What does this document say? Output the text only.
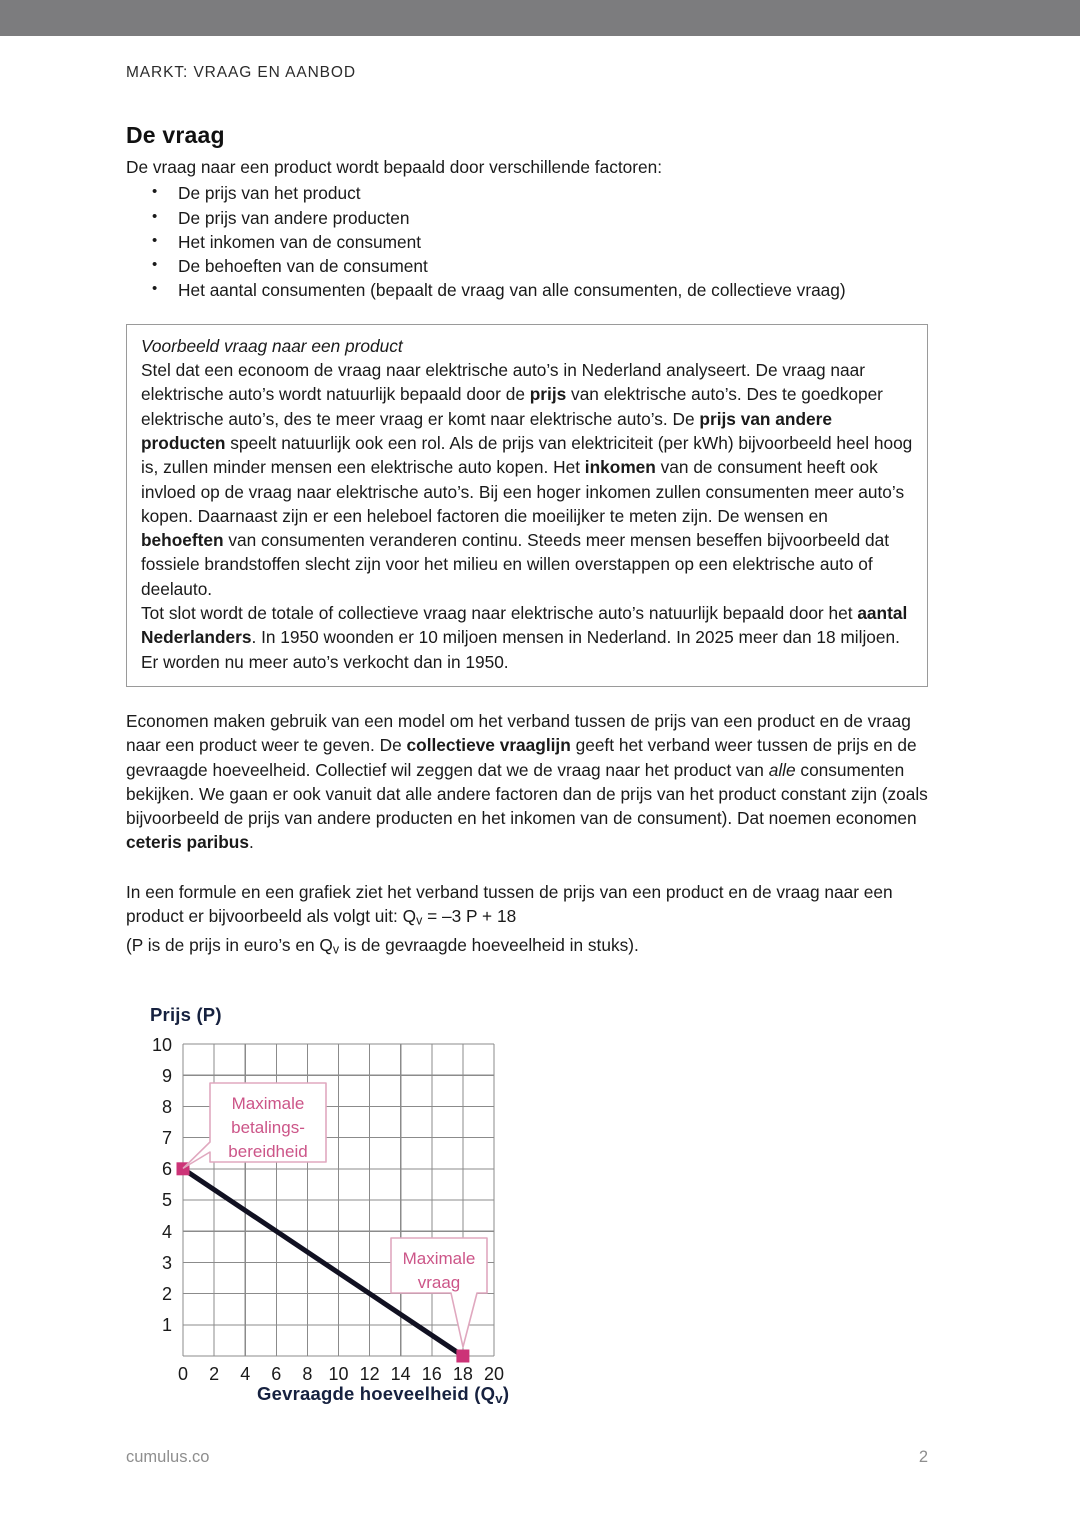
MARKT: VRAAG EN AANBOD
De vraag

De vraag naar een product wordt bepaald door verschillende factoren:

• De prijs van het product
• De prijs van andere producten
• Het inkomen van de consument
• De behoeften van de consument
• Het aantal consumenten (bepaalt de vraag van alle consumenten, de collectieve vraag)

Voorbeeld vraag naar een product

Stel dat een econoom de vraag naar elektrische auto’s in Nederland analyseert. De vraag naar elektrische auto’s wordt natuurlijk bepaald door de prijs van elektrische auto’s. Des te goedkoper elektrische auto’s, des te meer vraag er komt naar elektrische auto’s. De prijs van andere producten speelt natuurlijk ook een rol. Als de prijs van elektriciteit (per kWh) bijvoorbeeld heel hoog is, zullen minder mensen een elektrische auto kopen. Het inkomen van de consument heeft ook invloed op de vraag naar elektrische auto’s. Bij een hoger inkomen zullen consumenten meer auto’s kopen. Daarnaast zijn er een heleboel factoren die moeilijker te meten zijn. De wensen en behoeften van consumenten veranderen continu. Steeds meer mensen beseffen bijvoorbeeld dat fossiele brandstoffen slecht zijn voor het milieu en willen overstappen op een elektrische auto of deelauto.

Tot slot wordt de totale of collectieve vraag naar elektrische auto’s natuurlijk bepaald door het aantal Nederlanders. In 1950 woonden er 10 miljoen mensen in Nederland. In 2025 meer dan 18 miljoen. Er worden nu meer auto’s verkocht dan in 1950.

Economen maken gebruik van een model om het verband tussen de prijs van een product en de vraag naar een product weer te geven. De collectieve vraaglijn geeft het verband weer tussen de prijs en de gevraagde hoeveelheid. Collectief wil zeggen dat we de vraag naar het product van alle consumenten bekijken. We gaan er ook vanuit dat alle andere factoren dan de prijs van het product constant zijn (zoals bijvoorbeeld de prijs van andere producten en het inkomen van de consument). Dat noemen economen ceteris paribus.

In een formule en een grafiek ziet het verband tussen de prijs van een product en de vraag naar een product er bijvoorbeeld als volgt uit: $Q_v = -3$ P + 18
(P is de prijs in euro’s en $Q_v$ is de gevraagde hoeveelheid in stuks).

Prijs (P)
Gevraagde hoeveelheid $(Q_v)$
10
9
8
7
6
5
4
3
2
1
0 2 4 6 8 10 12 14 16 18 20
Maximale
betalings-
bereidheid
Maximale
vraag
cumulus.co	2
